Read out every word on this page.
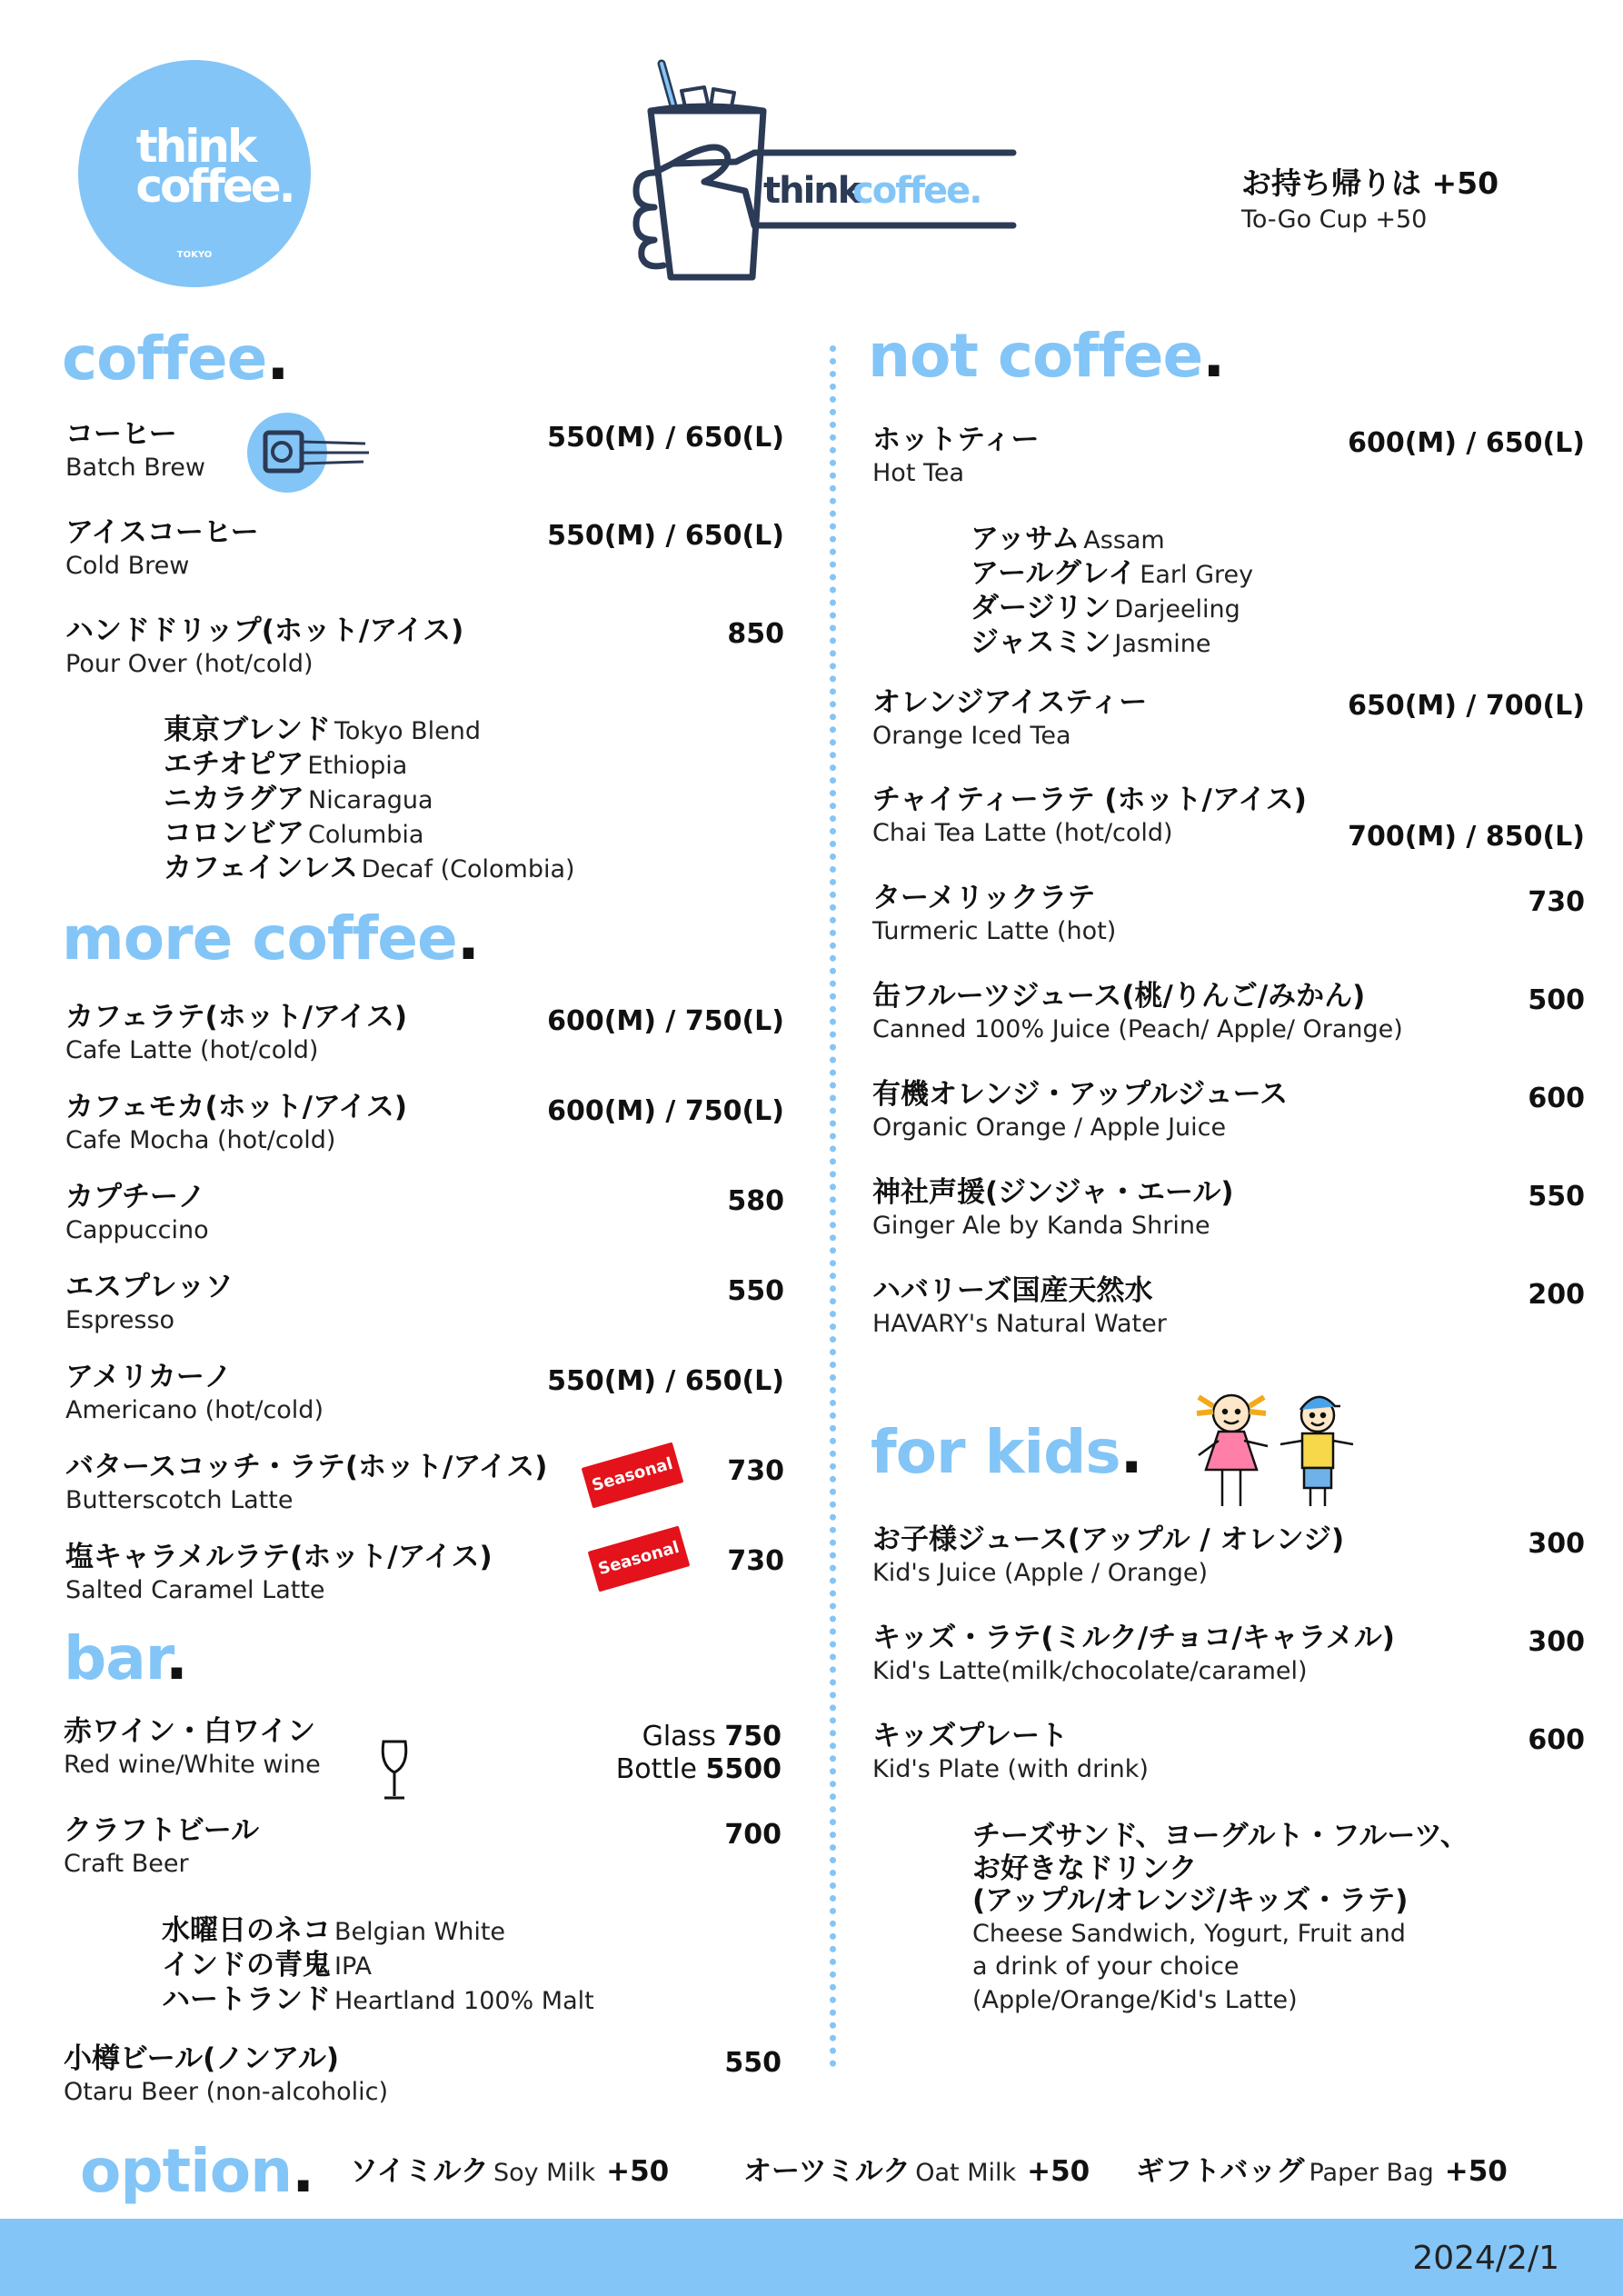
think
coffee.
TOKYO
think
coffee.	お持ち帰りは +50
To-Go Cup +50
coffee.
コーヒー
Batch Brew
550(M) / 650(L)
アイスコーヒー
Cold Brew
550(M) / 650(L)
ハンドドリップ(ホット/アイス)
Pour Over (hot/cold)
850
東京ブレンド Tokyo Blend
エチオピア Ethiopia
ニカラグア Nicaragua
コロンビア Columbia
カフェインレス Decaf (Colombia)
more coffee.
カフェラテ(ホット/アイス)
Cafe Latte (hot/cold)
600(M) / 750(L)
カフェモカ(ホット/アイス)
Cafe Mocha (hot/cold)
600(M) / 750(L)
カプチーノ
Cappuccino
580
エスプレッソ
Espresso
550
アメリカーノ
Americano (hot/cold)
550(M) / 650(L)
バタースコッチ・ラテ(ホット/アイス)
Butterscotch Latte
Seasonal	730
塩キャラメルラテ(ホット/アイス)
Salted Caramel Latte
Seasonal	730
bar.
赤ワイン・白ワイン
Red wine/White wine
Glass 750
Bottle 5500
クラフトビール
Craft Beer
700
水曜日のネコ Belgian White
インドの青鬼 IPA
ハートランド Heartland 100% Malt
小樽ビール(ノンアル)
Otaru Beer (non-alcoholic)
550
not coffee.
ホットティー
Hot Tea
600(M) / 650(L)
アッサム Assam
アールグレイ Earl Grey
ダージリン Darjeeling
ジャスミン Jasmine
オレンジアイスティー
Orange Iced Tea
650(M) / 700(L)
チャイティーラテ (ホット/アイス)
Chai Tea Latte (hot/cold)	700(M) / 850(L)
ターメリックラテ
Turmeric Latte (hot)
730
缶フルーツジュース(桃/りんご/みかん)
Canned 100% Juice (Peach/ Apple/ Orange)
500
有機オレンジ・アップルジュース
Organic Orange / Apple Juice
600
神社声援(ジンジャ・エール)
Ginger Ale by Kanda Shrine
550
ハバリーズ国産天然水
HAVARY's Natural Water
200
for kids.
お子様ジュース(アップル / オレンジ)
Kid's Juice (Apple / Orange)
300
キッズ・ラテ(ミルク/チョコ/キャラメル)
Kid's Latte(milk/chocolate/caramel)
300
キッズプレート
Kid's Plate (with drink)
600
チーズサンド、ヨーグルト・フルーツ、
お好きなドリンク
(アップル/オレンジ/キッズ・ラテ)
Cheese Sandwich, Yogurt, Fruit and
a drink of your choice
(Apple/Orange/Kid's Latte)
option. ソイミルク Soy Milk +50	オーツミルク Oat Milk +50 ギフトバッグ Paper Bag +50
2024/2/1
